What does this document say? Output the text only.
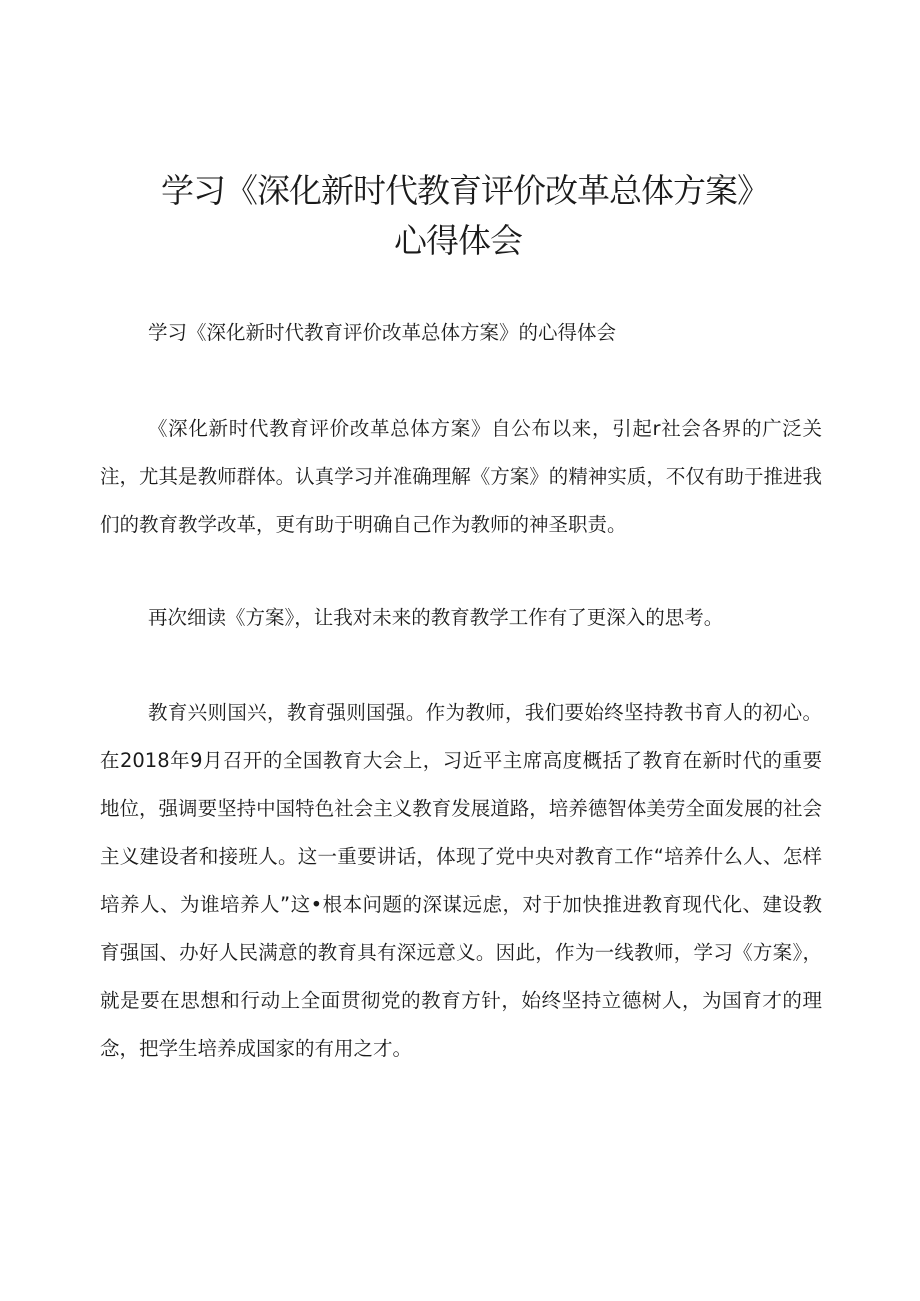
学习《深化新时代教育评价改革总体方案》
心得体会
学习《深化新时代教育评价改革总体方案》的心得体会

《深化新时代教育评价改革总体方案》自公布以来，引起r社会各界的广泛关注，尤其是教师群体。认真学习并准确理解《方案》的精神实质，不仅有助于推进我们的教育教学改革，更有助于明确自己作为教师的神圣职责。

再次细读《方案》，让我对未来的教育教学工作有了更深入的思考。

教育兴则国兴，教育强则国强。作为教师，我们要始终坚持教书育人的初心。在2018年9月召开的全国教育大会上，习近平主席高度概括了教育在新时代的重要地位，强调要坚持中国特色社会主义教育发展道路，培养德智体美劳全面发展的社会主义建设者和接班人。这一重要讲话，体现了党中央对教育工作“培养什么人、怎样培养人、为谁培养人”这•根本问题的深谋远虑，对于加快推进教育现代化、建设教育强国、办好人民满意的教育具有深远意义。因此，作为一线教师，学习《方案》，就是要在思想和行动上全面贯彻党的教育方针，始终坚持立德树人，为国育才的理念，把学生培养成国家的有用之才。
